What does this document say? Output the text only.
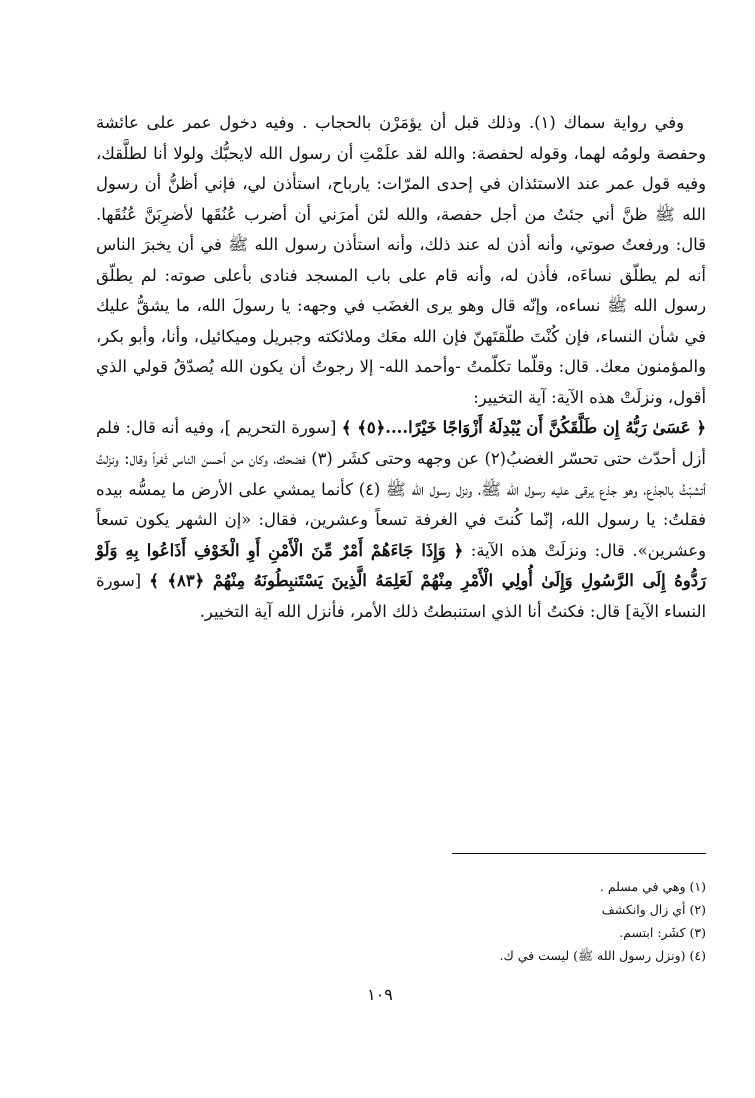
وفي رواية سماك (١). وذلك قبل أن يؤمَرْن بالحجاب . وفيه دخول عمر على عائشة وحفصة ولومُه لهما، وقوله لحفصة: والله لقد علَمْتِ أن رسول الله لايحبُّك ولولا أنا لطلَّقك، وفيه قول عمر عند الاستئذان في إحدى المرّات: يارباح، استأذن لي، فإني أظنُّ أن رسول الله ﷺ ظنَّ أني جئتُ من أجل حفصة، والله لئن أمرَني أن أضرب عُنُقَها لأضرِبَنَّ عُنُقَها. قال: ورفعتُ صوتي، وأنه أذن له عند ذلك، وأنه استأذن رسول الله ﷺ في أن يخبرَ الناس أنه لم يطلّق نساءَه، فأذن له، وأنه قام على باب المسجد فنادى بأعلى صوته: لم يطلّق رسول الله ﷺ نساءه، وإنّه قال وهو يرى الغضَب في وجهه: يا رسولَ الله، ما يشقُّ عليك في شأن النساء، فإن كُنْتَ طلّقتَهنّ فإن الله معَك وملائكته وجبريل وميكائيل، وأنا، وأبو بكر، والمؤمنون معك. قال: وقلّما تكلّمتُ -وأحمد الله- إلا رجوتُ أن يكون الله يُصدّقُ قولي الذي أقول، ونزلَتْ هذه الآية: آية التخيير:

﴿ عَسَىٰ رَبُّهُ إِن طَلَّقَكُنَّ أَن يُبْدِلَهُ أَزْوَاجًا خَيْرًا....﴿٥﴾ ﴾ [سورة التحريم ]، وفيه أنه قال: فلم أزل أحدّث حتى تحسّر الغضبُ(٢) عن وجهه وحتى كشَر (٣) فضحك، وكان من أحسن الناس ثَغراً وقال: ونزلتُ أتشبّثُ بالجذع، وهو جذع يرقى عليه رسول الله ﷺ، ونزل رسول الله ﷺ (٤) كأنما يمشي على الأرض ما يمسُّه بيده فقلتُ: يا رسول الله، إنّما كُنتَ في الغرفة تسعاً وعشرين، فقال: «إن الشهر يكون تسعاً وعشرين». قال: ونزلَتْ هذه الآية: ﴿ وَإِذَا جَاءَهُمْ أَمْرٌ مِّنَ الْأَمْنِ أَوِ الْخَوْفِ أَذَاعُوا بِهِ وَلَوْ رَدُّوهُ إِلَى الرَّسُولِ وَإِلَىٰ أُولِي الْأَمْرِ مِنْهُمْ لَعَلِمَهُ الَّذِينَ يَسْتَنبِطُونَهُ مِنْهُمْ ﴿٨٣﴾ ﴾ [سورة النساء الآية] قال: فكنتُ أنا الذي استنبطتُ ذلك الأمر، فأنزل الله آية التخيير.

(١) وهي في مسلم .
(٢) أي زال وانكشف
(٣) كشَر: ابتسم.
(٤) (ونزل رسول الله ﷺ) ليست في ك.
١٠٩
